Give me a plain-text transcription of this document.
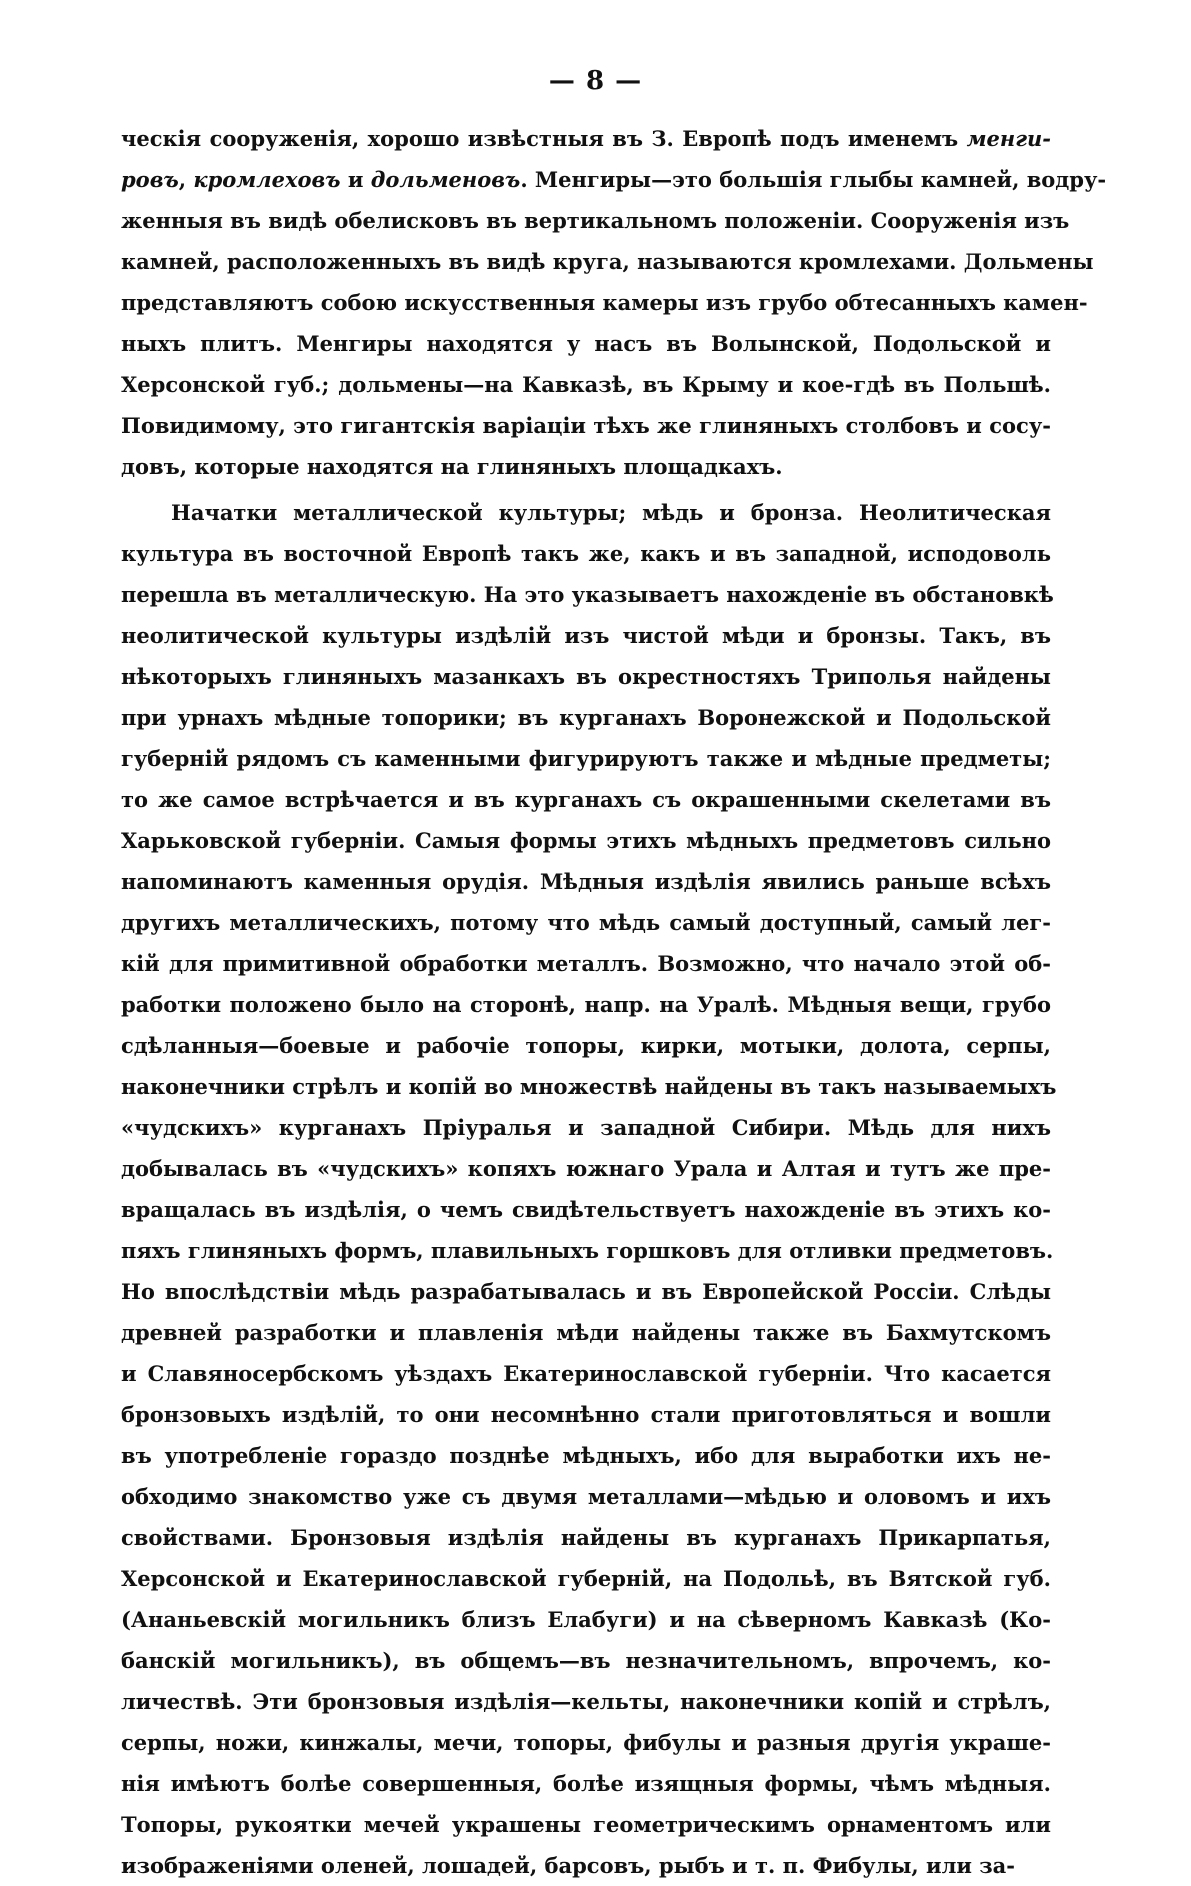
— 8 —
ческія сооруженія, хорошо извѣстныя въ З. Европѣ подъ именемъ менги-
ровъ, кромлеховъ и дольменовъ. Менгиры—это большія глыбы камней, водру-
женныя въ видѣ обелисковъ въ вертикальномъ положеніи. Сооруженія изъ
камней, расположенныхъ въ видѣ круга, называются кромлехами. Дольмены
представляютъ собою искусственныя камеры изъ грубо обтесанныхъ камен-
ныхъ плитъ. Менгиры находятся у насъ въ Волынской, Подольской и
Херсонской губ.; дольмены—на Кавказѣ, въ Крыму и кое-гдѣ въ Польшѣ.
Повидимому, это гигантскія варіаціи тѣхъ же глиняныхъ столбовъ и сосу-
довъ, которые находятся на глиняныхъ площадкахъ.
Начатки металлической культуры; мѣдь и бронза. Неолитическая
культура въ восточной Европѣ такъ же, какъ и въ западной, исподоволь
перешла въ металлическую. На это указываетъ нахожденіе въ обстановкѣ
неолитической культуры издѣлій изъ чистой мѣди и бронзы. Такъ, въ
нѣкоторыхъ глиняныхъ мазанкахъ въ окрестностяхъ Триполья найдены
при урнахъ мѣдные топорики; въ курганахъ Воронежской и Подольской
губерній рядомъ съ каменными фигурируютъ также и мѣдные предметы;
то же самое встрѣчается и въ курганахъ съ окрашенными скелетами въ
Харьковской губерніи. Самыя формы этихъ мѣдныхъ предметовъ сильно
напоминаютъ каменныя орудія. Мѣдныя издѣлія явились раньше всѣхъ
другихъ металлическихъ, потому что мѣдь самый доступный, самый лег-
кій для примитивной обработки металлъ. Возможно, что начало этой об-
работки положено было на сторонѣ, напр. на Уралѣ. Мѣдныя вещи, грубо
сдѣланныя—боевые и рабочіе топоры, кирки, мотыки, долота, серпы,
наконечники стрѣлъ и копій во множествѣ найдены въ такъ называемыхъ
«чудскихъ» курганахъ Пріуралья и западной Сибири. Мѣдь для нихъ
добывалась въ «чудскихъ» копяхъ южнаго Урала и Алтая и тутъ же пре-
вращалась въ издѣлія, о чемъ свидѣтельствуетъ нахожденіе въ этихъ ко-
пяхъ глиняныхъ формъ, плавильныхъ горшковъ для отливки предметовъ.
Но впослѣдствіи мѣдь разрабатывалась и въ Европейской Россіи. Слѣды
древней разработки и плавленія мѣди найдены также въ Бахмутскомъ
и Славяносербскомъ уѣздахъ Екатеринославской губерніи. Что касается
бронзовыхъ издѣлій, то они несомнѣнно стали приготовляться и вошли
въ употребленіе гораздо позднѣе мѣдныхъ, ибо для выработки ихъ не-
обходимо знакомство уже съ двумя металлами—мѣдью и оловомъ и ихъ
свойствами. Бронзовыя издѣлія найдены въ курганахъ Прикарпатья,
Херсонской и Екатеринославской губерній, на Подольѣ, въ Вятской губ.
(Ананьевскій могильникъ близъ Елабуги) и на сѣверномъ Кавказѣ (Ко-
банскій могильникъ), въ общемъ—въ незначительномъ, впрочемъ, ко-
личествѣ. Эти бронзовыя издѣлія—кельты, наконечники копій и стрѣлъ,
серпы, ножи, кинжалы, мечи, топоры, фибулы и разныя другія украше-
нія имѣютъ болѣе совершенныя, болѣе изящныя формы, чѣмъ мѣдныя.
Топоры, рукоятки мечей украшены геометрическимъ орнаментомъ или
изображеніями оленей, лошадей, барсовъ, рыбъ и т. п. Фибулы, или за-
